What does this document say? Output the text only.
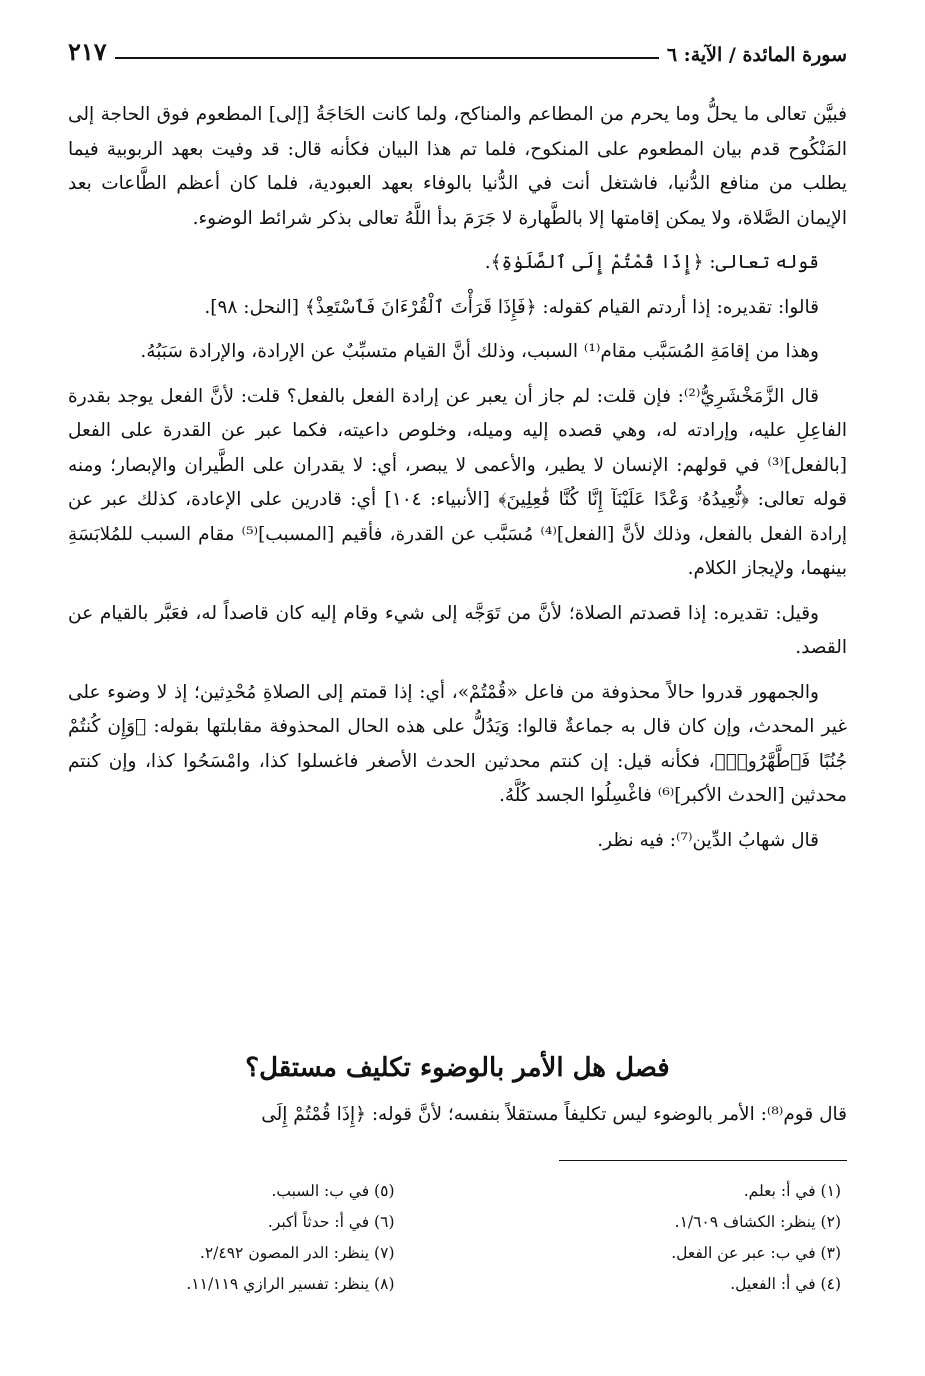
سورة المائدة / الآية: ٦
٢١٧

فبيَّن تعالى ما يحلُّ وما يحرم من المطاعم والمناكح، ولما كانت الحَاجَةُ [إلى] المطعوم فوق الحاجة إلى المَنْكُوح قدم بيان المطعوم على المنكوح، فلما تم هذا البيان فكأنه قال: قد وفيت بعهد الربوبية فيما يطلب من منافع الدُّنيا، فاشتغل أنت في الدُّنيا بالوفاء بعهد العبودية، فلما كان أعظم الطَّاعات بعد الإيمان الصَّلاة، ولا يمكن إقامتها إلا بالطَّهارة لا جَرَمَ بدأ اللَّهُ تعالى بذكر شرائط الوضوء.

قوله تعالى: ﴿إِذَا قُمْتُمْ إِلَى ٱلصَّلَوٰةِ﴾.

قالوا: تقديره: إذا أردتم القيام كقوله: ﴿فَإِذَا قَرَأْتَ ٱلْقُرْءَانَ فَٱسْتَعِذْ﴾ [النحل: ٩٨].

وهذا من إقامَةِ المُسَبَّب مقام⁽¹⁾ السبب، وذلك أنَّ القيام متسبِّبٌ عن الإرادة، والإرادة سَبَبُهُ.

قال الزَّمَخْشَرِيُّ⁽²⁾: فإن قلت: لم جاز أن يعبر عن إرادة الفعل بالفعل؟ قلت: لأنَّ الفعل يوجد بقدرة الفاعِلِ عليه، وإرادته له، وهي قصده إليه وميله، وخلوص داعيته، فكما عبر عن القدرة على الفعل [بالفعل]⁽³⁾ في قولهم: الإنسان لا يطير، والأعمى لا يبصر، أي: لا يقدران على الطَّيران والإبصار؛ ومنه قوله تعالى: ﴿نُّعِيدُهُۥ وَعْدًا عَلَيْنَآ إِنَّا كُنَّا فَٰعِلِينَ﴾ [الأنبياء: ١٠٤] أي: قادرين على الإعادة، كذلك عبر عن إرادة الفعل بالفعل، وذلك لأنَّ [الفعل]⁽⁴⁾ مُسَبَّب عن القدرة، فأقيم [المسبب]⁽⁵⁾ مقام السبب للمُلابَسَةِ بينهما، ولإيجاز الكلام.

وقيل: تقديره: إذا قصدتم الصلاة؛ لأنَّ من تَوَجَّه إلى شيء وقام إليه كان قاصداً له، فعَبَّر بالقيام عن القصد.

والجمهور قدروا حالاً محذوفة من فاعل «قُمْتُمْ»، أي: إذا قمتم إلى الصلاةِ مُحْدِثين؛ إذ لا وضوء على غير المحدث، وإن كان قال به جماعةٌ قالوا: وَيَدُلُّ على هذه الحال المحذوفة مقابلتها بقوله: ﴿وَإِن كُنتُمْ جُنُبًا فَٱطَّهَّرُوا۟﴾، فكأنه قيل: إن كنتم محدثين الحدث الأصغر فاغسلوا كذا، وامْسَحُوا كذا، وإن كنتم محدثين [الحدث الأكبر]⁽⁶⁾ فاغْسِلُوا الجسد كُلَّهُ.

قال شهابُ الدِّين⁽⁷⁾: فيه نظر.

فصل هل الأمر بالوضوء تكليف مستقل؟
قال قوم⁽⁸⁾: الأمر بالوضوء ليس تكليفاً مستقلاً بنفسه؛ لأنَّ قوله: ﴿إِذَا قُمْتُمْ إِلَى
(١) في أ: بعلم.
(٢) ينظر: الكشاف ١/٦٠٩.
(٣) في ب: عبر عن الفعل.
(٤) في أ: الفعيل.
(٥) في ب: السبب.
(٦) في أ: حدثاً أكبر.
(٧) ينظر: الدر المصون ٢/٤٩٢.
(٨) ينظر: تفسير الرازي ١١/١١٩.
